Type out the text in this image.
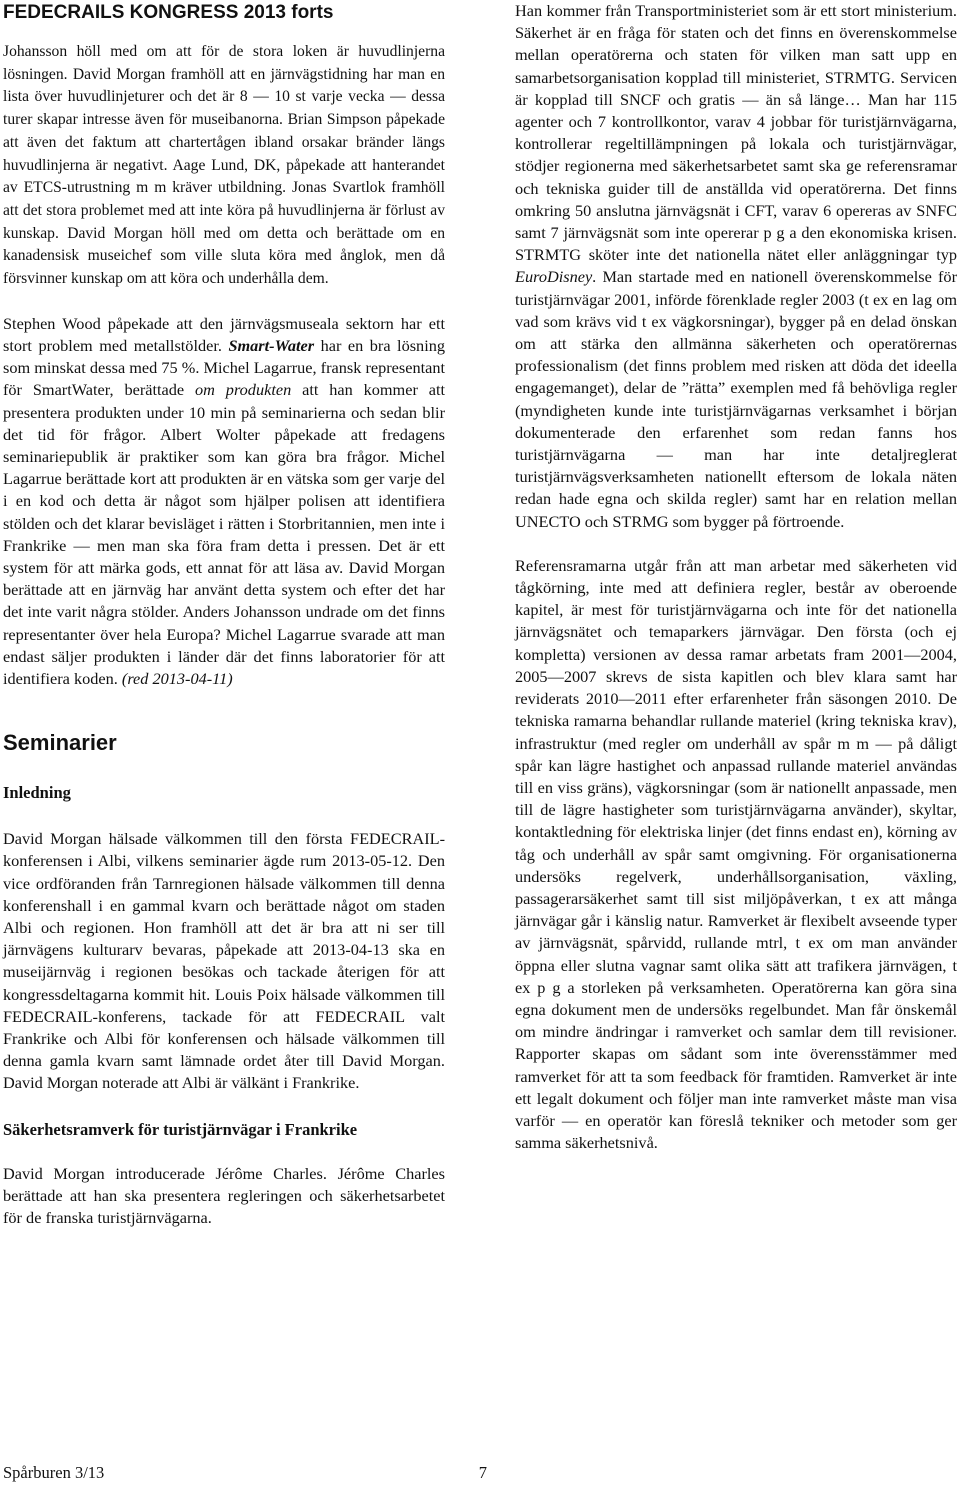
FEDECRAILS KONGRESS 2013 forts

Johansson höll med om att för de stora loken är huvudlinjerna lösningen. David Morgan framhöll att en järnvägstidning har man en lista över huvudlinjeturer och det är 8 — 10 st varje vecka — dessa turer skapar intresse även för museibanorna. Brian Simpson påpekade att även det faktum att chartertågen ibland orsakar bränder längs huvudlinjerna är negativt. Aage Lund, DK, påpekade att hanterandet av ETCS-utrustning m m kräver utbildning. Jonas Svartlok framhöll att det stora problemet med att inte köra på huvudlinjerna är förlust av kunskap. David Morgan höll med om detta och berättade om en kanadensisk museichef som ville sluta köra med ånglok, men då försvinner kunskap om att köra och underhålla dem.

Stephen Wood påpekade att den järnvägsmuseala sektorn har ett stort problem med metallstölder. Smart-Water har en bra lösning som minskat dessa med 75 %. Michel Lagarrue, fransk representant för SmartWater, berättade om produkten att han kommer att presentera produkten under 10 min på seminarierna och sedan blir det tid för frågor. Albert Wolter påpekade att fredagens seminariepublik är praktiker som kan göra bra frågor. Michel Lagarrue berättade kort att produkten är en vätska som ger varje del i en kod och detta är något som hjälper polisen att identifiera stölden och det klarar bevisläget i rätten i Storbritannien, men inte i Frankrike — men man ska föra fram detta i pressen. Det är ett system för att märka gods, ett annat för att läsa av. David Morgan berättade att en järnväg har använt detta system och efter det har det inte varit några stölder. Anders Johansson undrade om det finns representanter över hela Europa? Michel Lagarrue svarade att man endast säljer produkten i länder där det finns laboratorier för att identifiera koden. (red 2013-04-11)

Seminarier
Inledning

David Morgan hälsade välkommen till den första FEDECRAIL-konferensen i Albi, vilkens seminarier ägde rum 2013-05-12. Den vice ordföranden från Tarnregionen hälsade välkommen till denna konferenshall i en gammal kvarn och berättade något om staden Albi och regionen. Hon framhöll att det är bra att ni ser till järnvägens kulturarv bevaras, påpekade att 2013-04-13 ska en museijärnväg i regionen besökas och tackade återigen för att kongressdeltagarna kommit hit. Louis Poix hälsade välkommen till FEDECRAIL-konferens, tackade för att FEDECRAIL valt Frankrike och Albi för konferensen och hälsade välkommen till denna gamla kvarn samt lämnade ordet åter till David Morgan. David Morgan noterade att Albi är välkänt i Frankrike.

Säkerhetsramverk för turistjärnvägar i Frankrike

David Morgan introducerade Jérôme Charles. Jérôme Charles berättade att han ska presentera regleringen och säkerhetsarbetet för de franska turistjärnvägarna.

Han kommer från Transportministeriet som är ett stort ministerium. Säkerhet är en fråga för staten och det finns en överenskommelse mellan operatörerna och staten för vilken man satt upp en samarbetsorganisation kopplad till ministeriet, STRMTG. Servicen är kopplad till SNCF och gratis — än så länge… Man har 115 agenter och 7 kontrollkontor, varav 4 jobbar för turistjärnvägarna, kontrollerar regeltillämpningen på lokala och turistjärnvägar, stödjer regionerna med säkerhetsarbetet samt ska ge referensramar och tekniska guider till de anställda vid operatörerna. Det finns omkring 50 anslutna järnvägsnät i CFT, varav 6 opereras av SNFC samt 7 järnvägsnät som inte opererar p g a den ekonomiska krisen. STRMTG sköter inte det nationella nätet eller anläggningar typ EuroDisney. Man startade med en nationell överenskommelse för turistjärnvägar 2001, införde förenklade regler 2003 (t ex en lag om vad som krävs vid t ex vägkorsningar), bygger på en delad önskan om att stärka den allmänna säkerheten och operatörernas professionalism (det finns problem med risken att döda det ideella engagemanget), delar de ”rätta” exemplen med få behövliga regler (myndigheten kunde inte turistjärnvägarnas verksamhet i början dokumenterade den erfarenhet som redan fanns hos turistjärnvägarna — man har inte detaljreglerat turistjärnvägsverksamheten nationellt eftersom de lokala näten redan hade egna och skilda regler) samt har en relation mellan UNECTO och STRMG som bygger på förtroende.

Referensramarna utgår från att man arbetar med säkerheten vid tågkörning, inte med att definiera regler, består av oberoende kapitel, är mest för turistjärnvägarna och inte för det nationella järnvägsnätet och temaparkers järnvägar. Den första (och ej kompletta) versionen av dessa ramar arbetats fram 2001—2004, 2005—2007 skrevs de sista kapitlen och blev klara samt har reviderats 2010—2011 efter erfarenheter från säsongen 2010. De tekniska ramarna behandlar rullande materiel (kring tekniska krav), infrastruktur (med regler om underhåll av spår m m — på dåligt spår kan lägre hastighet och anpassad rullande materiel användas till en viss gräns), vägkorsningar (som är nationellt anpassade, men till de lägre hastigheter som turistjärnvägarna använder), skyltar, kontaktledning för elektriska linjer (det finns endast en), körning av tåg och underhåll av spår samt omgivning. För organisationerna undersöks regelverk, underhållsorganisation, växling, passagerarsäkerhet samt till sist miljöpåverkan, t ex att många järnvägar går i känslig natur. Ramverket är flexibelt avseende typer av järnvägsnät, spårvidd, rullande mtrl, t ex om man använder öppna eller slutna vagnar samt olika sätt att trafikera järnvägen, t ex p g a storleken på verksamheten. Operatörerna kan göra sina egna dokument men de undersöks regelbundet. Man får önskemål om mindre ändringar i ramverket och samlar dem till revisioner. Rapporter skapas om sådant som inte överensstämmer med ramverket för att ta som feedback för framtiden. Ramverket är inte ett legalt dokument och följer man inte ramverket måste man visa varför — en operatör kan föreslå tekniker och metoder som ger samma säkerhetsnivå.

Spårburen 3/13	7
